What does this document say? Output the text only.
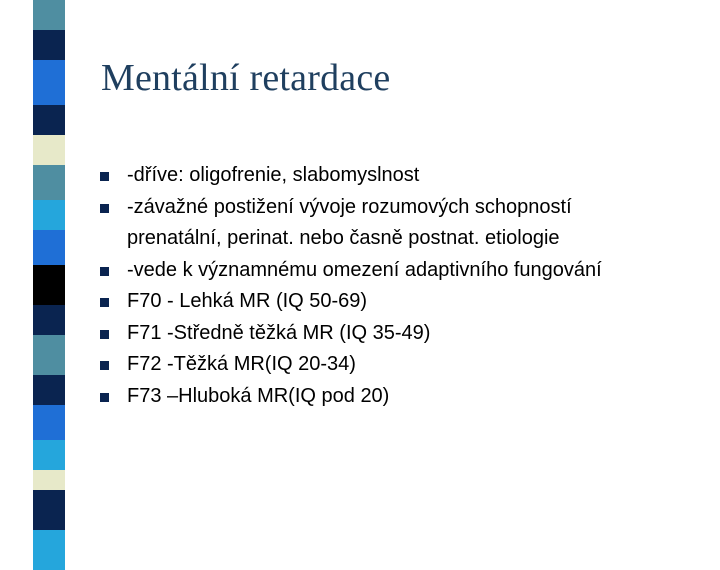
Mentální retardace
-dříve: oligofrenie, slabomyslnost
-závažné postižení vývoje rozumových schopností
prenatální, perinat. nebo časně postnat. etiologie
-vede k významnému omezení adaptivního fungování
F70 - Lehká MR (IQ 50-69)
F71 -Středně těžká MR (IQ 35-49)
F72 -Těžká MR(IQ 20-34)
F73 –Hluboká MR(IQ pod 20)
